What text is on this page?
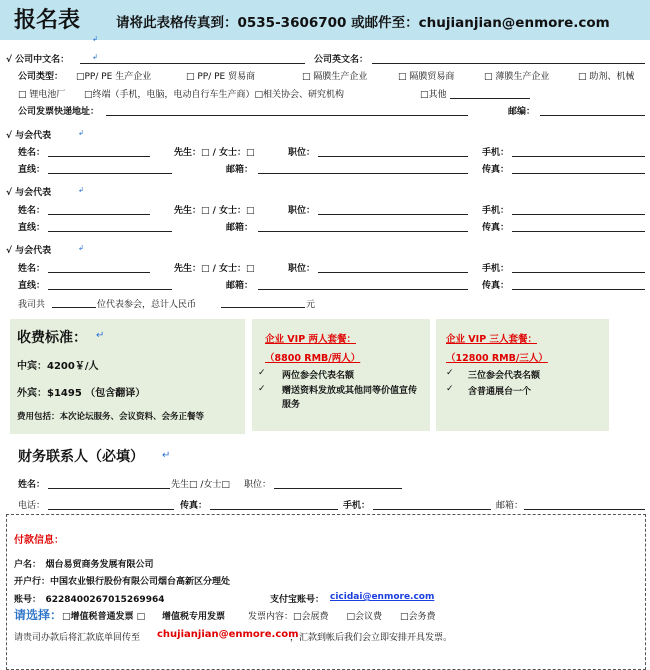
报名表	请将此表格传真到：0535-3606700 或邮件至：chujianjian@enmore.com
√ 公司中文名：	公司英文名：
公司类型： □PP/ PE 生产企业	□ PP/ PE 贸易商	□ 隔膜生产企业	□ 隔膜贸易商	□ 薄膜生产企业	□ 助剂、机械
□ 锂电池厂 □终端（手机，电脑，电动自行车生产商）□相关协会、研究机构	□其他
公司发票快递地址：	邮编：
√ 与会代表
姓名：	先生：□ / 女士：□	职位：	手机：
直线：	邮箱：	传真：
√ 与会代表
姓名：	先生：□ / 女士：□	职位：	手机：
直线：	邮箱：	传真：
√ 与会代表
姓名：	先生：□ / 女士：□	职位：	手机：
直线：	邮箱：	传真：
我司共	位代表参会，总计人民币	元
收费标准：
中宾：4200￥/人
外宾：$1495 （包含翻译）
费用包括：本次论坛服务、会议资料、会务正餐等
企业 VIP 两人套餐：
（8800 RMB/两人）
✓ 两位参会代表名额
✓ 赠送资料发放或其他同等价值宣传服务
企业 VIP 三人套餐：
（12800 RMB/三人）
✓ 三位参会代表名额
✓ 含普通展台一个
财务联系人（必填）
姓名：	先生□ /女士□ 职位：
电话：	传真：	手机：	邮箱：
付款信息：
户名：　烟台易贸商务发展有限公司
开户行：中国农业银行股份有限公司烟台高新区分理处
账号：　622840026701526996​4	支付宝账号： cicidai@enmore.com
请选择： □增值税普通发票 □ 增值税专用发票	发票内容：□会展费　　□会议费　　□会务费
请贵司办款后将汇款底单回传至 chujianjian@enmore.com
，汇款到帐后我们会立即安排开具发票。
↲
↲
↲
↲
↲
↵
↵
